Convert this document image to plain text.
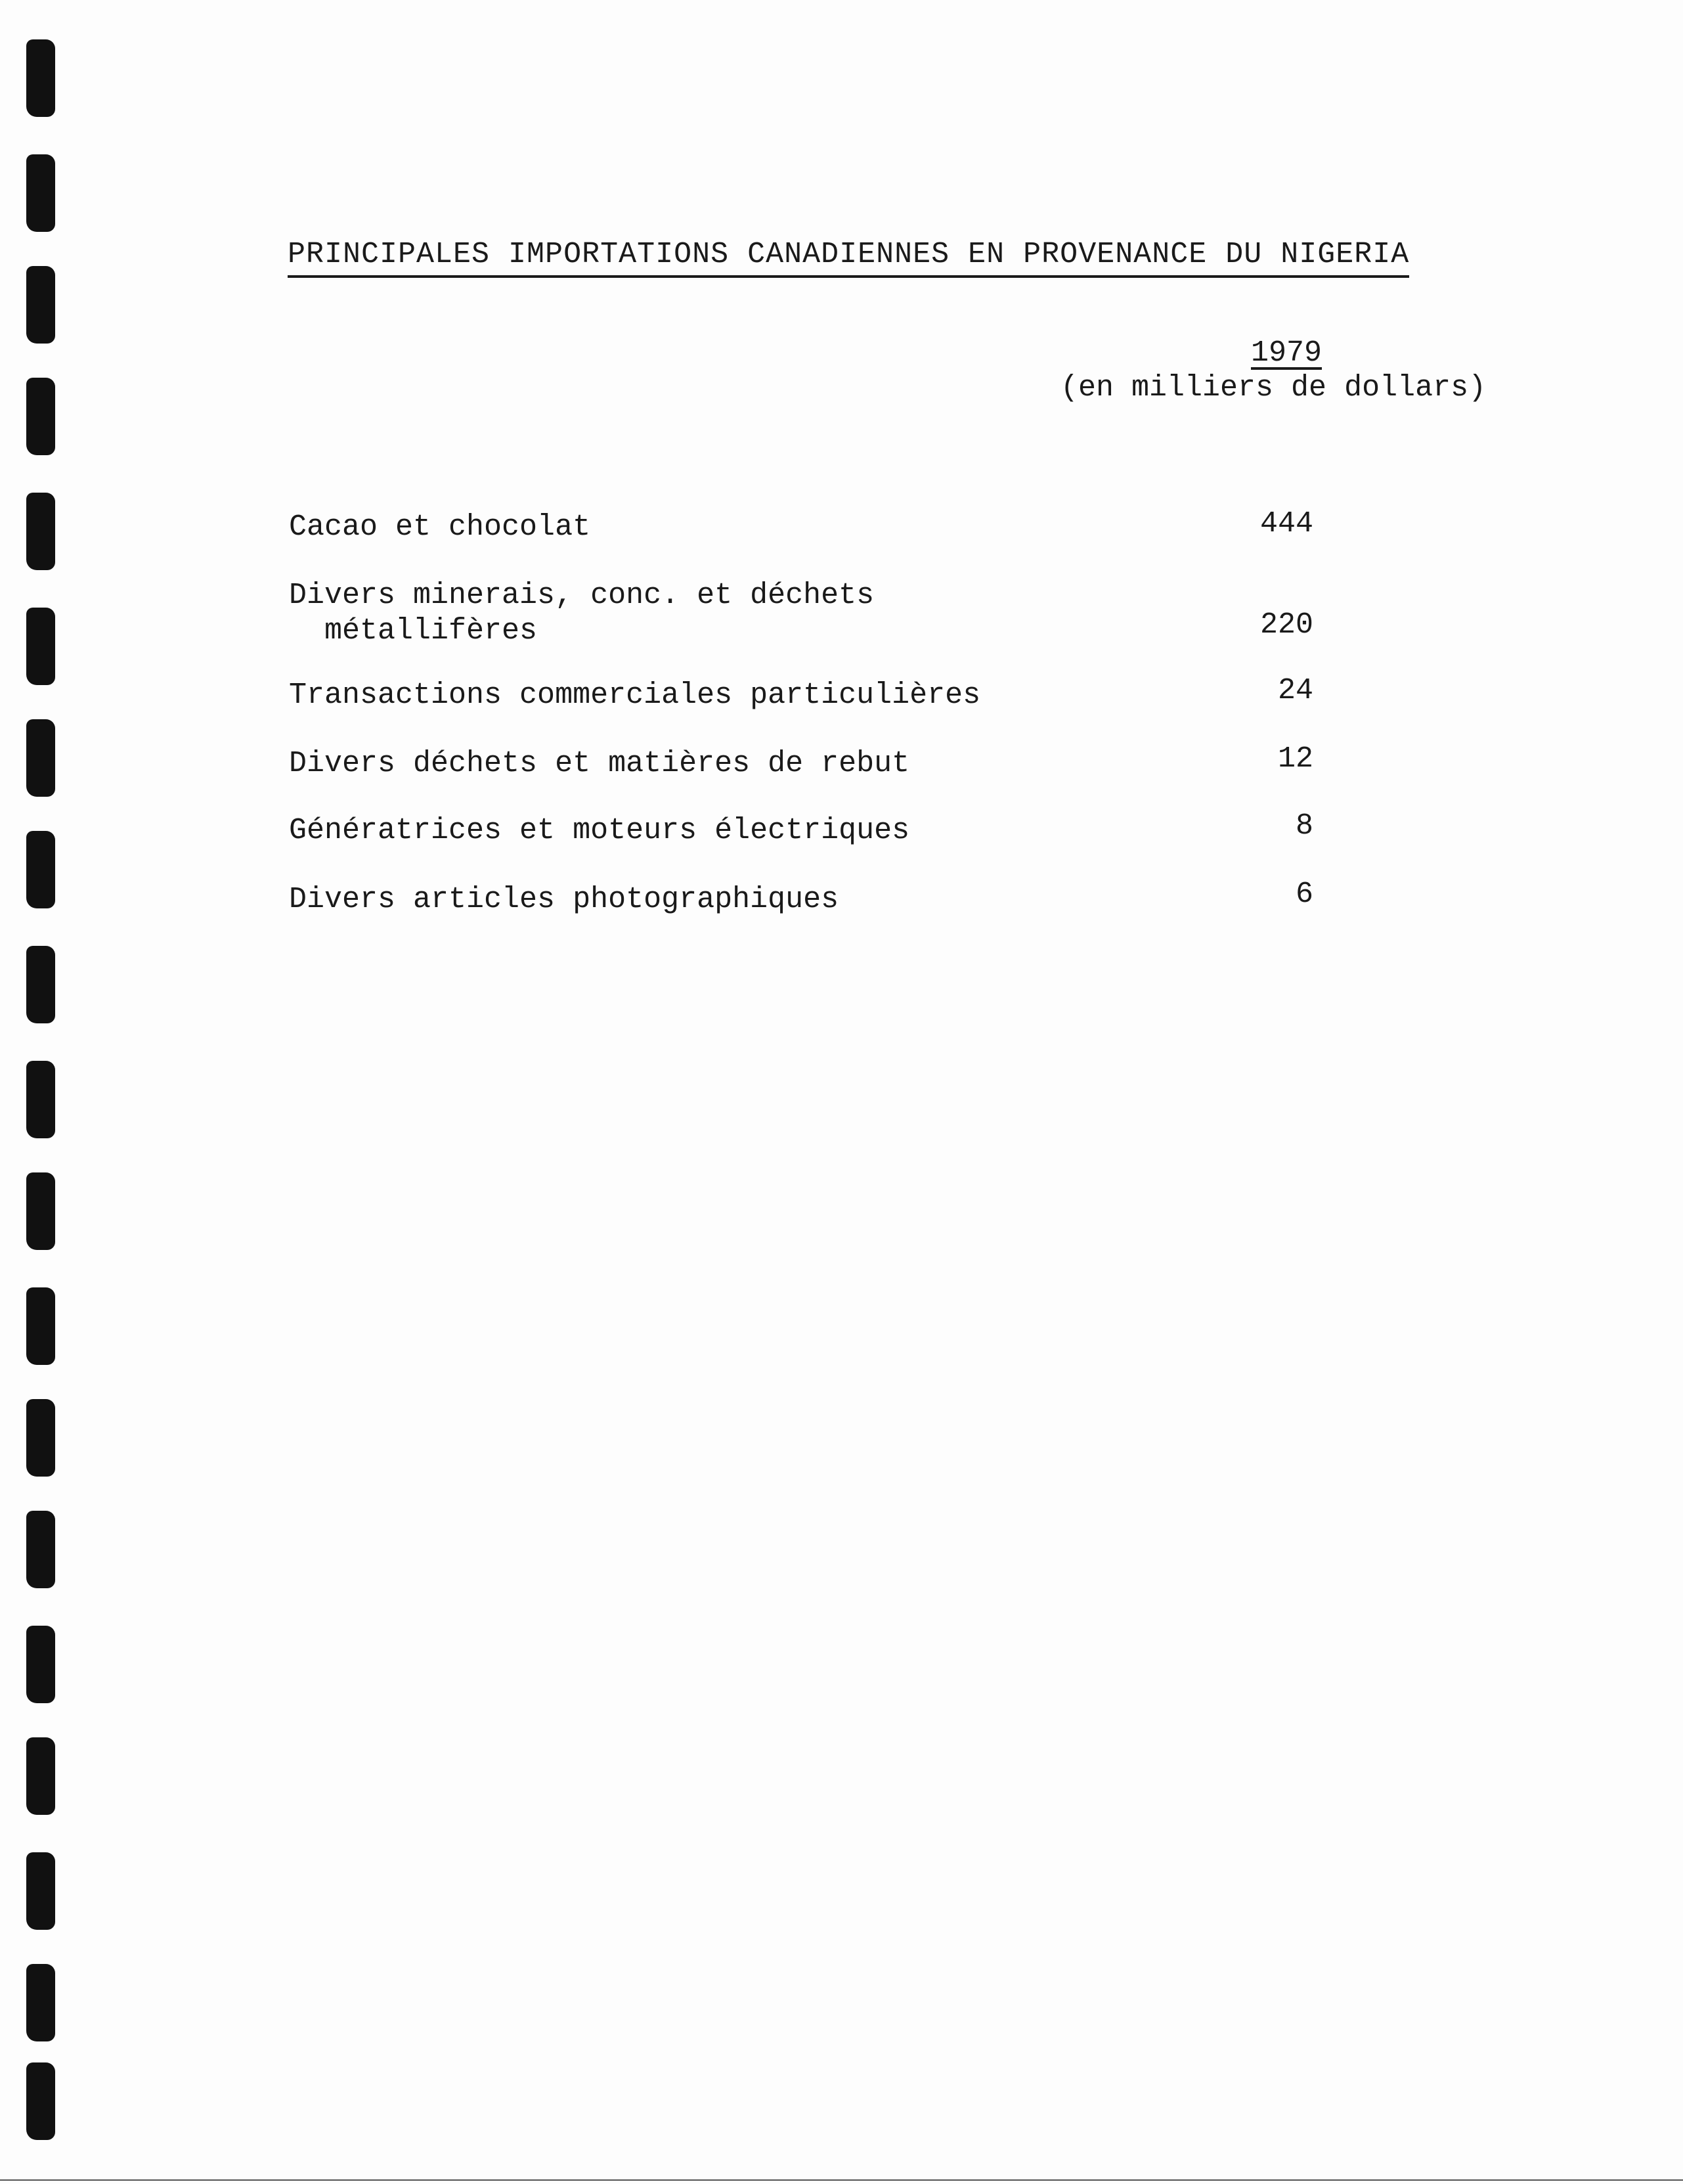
PRINCIPALES IMPORTATIONS CANADIENNES EN PROVENANCE DU NIGERIA
1979
(en milliers de dollars)
Cacao et chocolat	444
Divers minerais, conc. et déchets
métallifères	220
Transactions commerciales particulières	24
Divers déchets et matières de rebut	12
Génératrices et moteurs électriques	8
Divers articles photographiques	6
